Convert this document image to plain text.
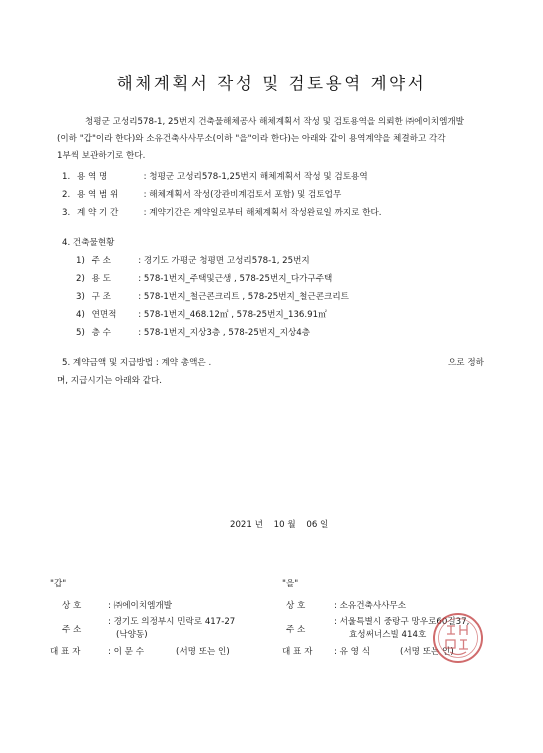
해체계획서 작성 및 검토용역 계약서
청평군 고성리578-1, 25번지 건축물해체공사 해체계획서 작성 및 검토용역을 의뢰한 ㈜에이치엠개발
(이하 "갑"이라 한다)와 소유건축사사무소(이하 "을"이라 한다)는 아래와 같이 용역계약을 체결하고 각각
1부씩 보관하기로 한다.
1. 용 역 명	: 청평군 고성리578-1,25번지 해체계획서 작성 및 검토용역
2. 용 역 범 위	: 해체계획서 작성(강관비계검토서 포함) 및 검토업무
3. 계 약 기 간	: 계약기간은 계약일로부터 해체계획서 작성완료일 까지로 한다.
4. 건축물현황
1) 주 소	: 경기도 가평군 청평면 고성리578-1, 25번지
2) 용 도	: 578-1번지_주택및근생 , 578-25번지_다가구주택
3) 구 조	: 578-1번지_철근콘크리트 , 578-25번지_철근콘크리트
4) 연면적	: 578-1번지_468.12㎡ , 578-25번지_136.91㎡
5) 층 수	: 578-1번지_지상3층 , 578-25번지_지상4층
5. 계약금액 및 지급방법 : 계약 총액은 .	으로 정하
며, 지급시기는 아래와 같다.
2021 년 10 월 06 일
"갑"
상 호	: ㈜에이치엠개발
주 소
: 경기도 의정부시 민락로 417-27
(낙양동)
대 표 자	: 이 문 수	(서명 또는 인)
"을"
상 호	: 소유건축사사무소
주 소
: 서울특별시 중랑구 망우로60길37,
효성써너스빌 414호
대 표 자	: 유 영 식	(서명 또는 인)
